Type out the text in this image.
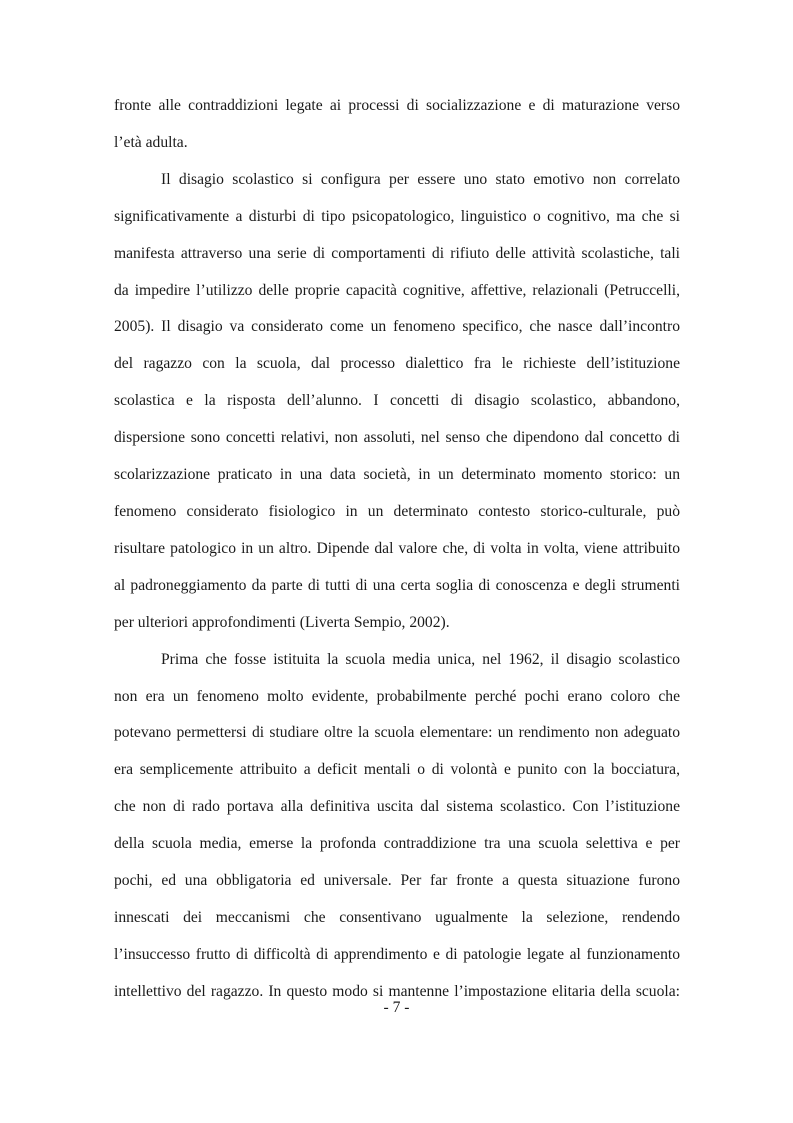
fronte alle contraddizioni legate ai processi di socializzazione e di maturazione verso
l’età adulta.

Il disagio scolastico si configura per essere uno stato emotivo non correlato
significativamente a disturbi di tipo psicopatologico, linguistico o cognitivo, ma che si
manifesta attraverso una serie di comportamenti di rifiuto delle attività scolastiche, tali
da impedire l’utilizzo delle proprie capacità cognitive, affettive, relazionali (Petruccelli,
2005). Il disagio va considerato come un fenomeno specifico, che nasce dall’incontro
del ragazzo con la scuola, dal processo dialettico fra le richieste dell’istituzione
scolastica e la risposta dell’alunno. I concetti di disagio scolastico, abbandono,
dispersione sono concetti relativi, non assoluti, nel senso che dipendono dal concetto di
scolarizzazione praticato in una data società, in un determinato momento storico: un
fenomeno considerato fisiologico in un determinato contesto storico-culturale, può
risultare patologico in un altro. Dipende dal valore che, di volta in volta, viene attribuito
al padroneggiamento da parte di tutti di una certa soglia di conoscenza e degli strumenti
per ulteriori approfondimenti (Liverta Sempio, 2002).

Prima che fosse istituita la scuola media unica, nel 1962, il disagio scolastico
non era un fenomeno molto evidente, probabilmente perché pochi erano coloro che
potevano permettersi di studiare oltre la scuola elementare: un rendimento non adeguato
era semplicemente attribuito a deficit mentali o di volontà e punito con la bocciatura,
che non di rado portava alla definitiva uscita dal sistema scolastico. Con l’istituzione
della scuola media, emerse la profonda contraddizione tra una scuola selettiva e per
pochi, ed una obbligatoria ed universale. Per far fronte a questa situazione furono
innescati dei meccanismi che consentivano ugualmente la selezione, rendendo
l’insuccesso frutto di difficoltà di apprendimento e di patologie legate al funzionamento
intellettivo del ragazzo. In questo modo si mantenne l’impostazione elitaria della scuola:

- 7 -
